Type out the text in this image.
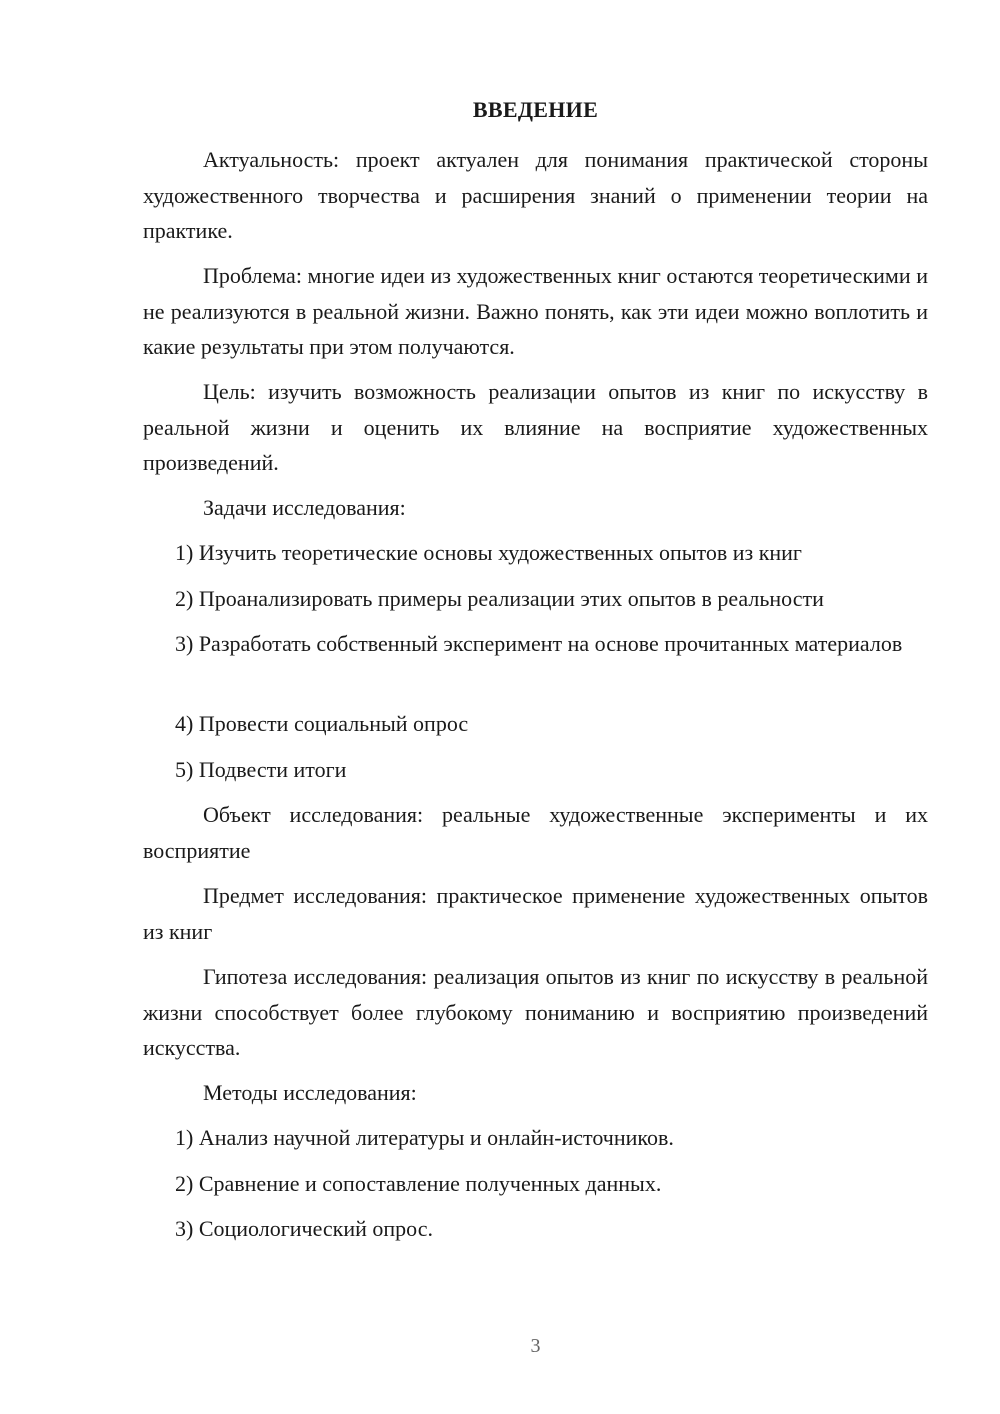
ВВЕДЕНИЕ

Актуальность: проект актуален для понимания практической стороны художественного творчества и расширения знаний о применении теории на практике.

Проблема: многие идеи из художественных книг остаются теоретическими и не реализуются в реальной жизни. Важно понять, как эти идеи можно воплотить и какие результаты при этом получаются.

Цель: изучить возможность реализации опытов из книг по искусству в реальной жизни и оценить их влияние на восприятие художественных произведений.

Задачи исследования:

1) Изучить теоретические основы художественных опытов из книг

2) Проанализировать примеры реализации этих опытов в реальности

3) Разработать собственный эксперимент на основе прочитанных материалов

4) Провести социальный опрос

5) Подвести итоги

Объект исследования: реальные художественные эксперименты и их восприятие

Предмет исследования: практическое применение художественных опытов из книг

Гипотеза исследования: реализация опытов из книг по искусству в реальной жизни способствует более глубокому пониманию и восприятию произведений искусства.

Методы исследования:

1) Анализ научной литературы и онлайн-источников.

2) Сравнение и сопоставление полученных данных.

3) Социологический опрос.

3
